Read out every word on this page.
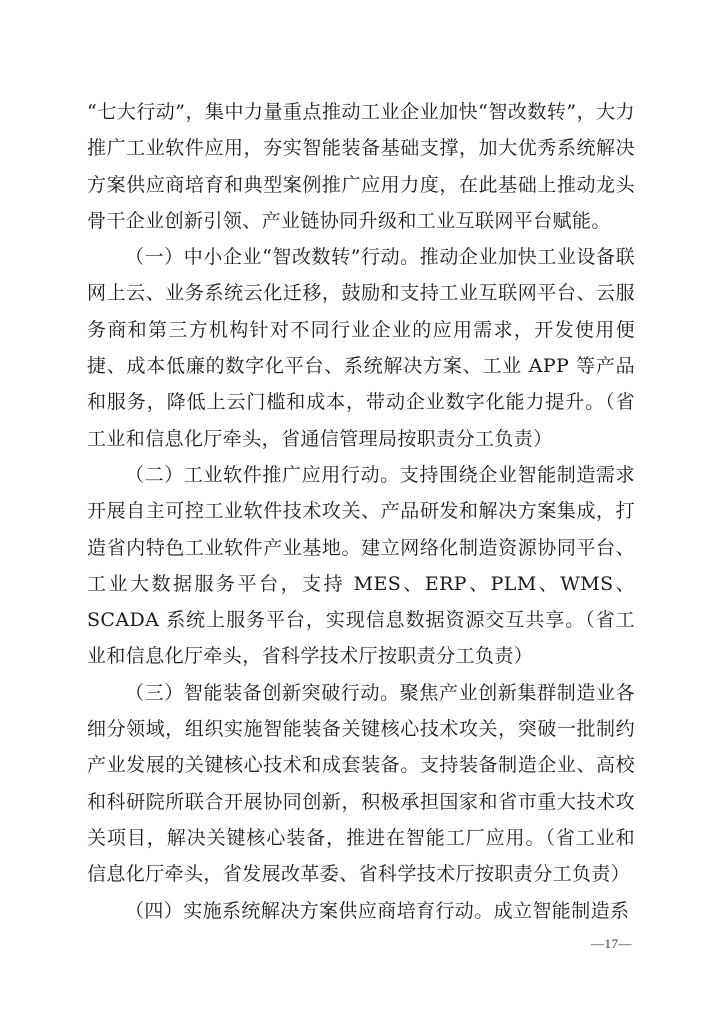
“七大行动”，集中力量重点推动工业企业加快“智改数转”，大力推广工业软件应用，夯实智能装备基础支撑，加大优秀系统解决方案供应商培育和典型案例推广应用力度，在此基础上推动龙头骨干企业创新引领、产业链协同升级和工业互联网平台赋能。

（一）中小企业“智改数转”行动。推动企业加快工业设备联网上云、业务系统云化迁移，鼓励和支持工业互联网平台、云服务商和第三方机构针对不同行业企业的应用需求，开发使用便捷、成本低廉的数字化平台、系统解决方案、工业 APP 等产品和服务，降低上云门槛和成本，带动企业数字化能力提升。（省工业和信息化厅牵头，省通信管理局按职责分工负责）

（二）工业软件推广应用行动。支持围绕企业智能制造需求开展自主可控工业软件技术攻关、产品研发和解决方案集成，打造省内特色工业软件产业基地。建立网络化制造资源协同平台、工业大数据服务平台，支持 MES、ERP、PLM、WMS、SCADA 系统上服务平台，实现信息数据资源交互共享。（省工业和信息化厅牵头，省科学技术厅按职责分工负责）

（三）智能装备创新突破行动。聚焦产业创新集群制造业各细分领域，组织实施智能装备关键核心技术攻关，突破一批制约产业发展的关键核心技术和成套装备。支持装备制造企业、高校和科研院所联合开展协同创新，积极承担国家和省市重大技术攻关项目，解决关键核心装备，推进在智能工厂应用。（省工业和信息化厅牵头，省发展改革委、省科学技术厅按职责分工负责）

（四）实施系统解决方案供应商培育行动。成立智能制造系

—17—
